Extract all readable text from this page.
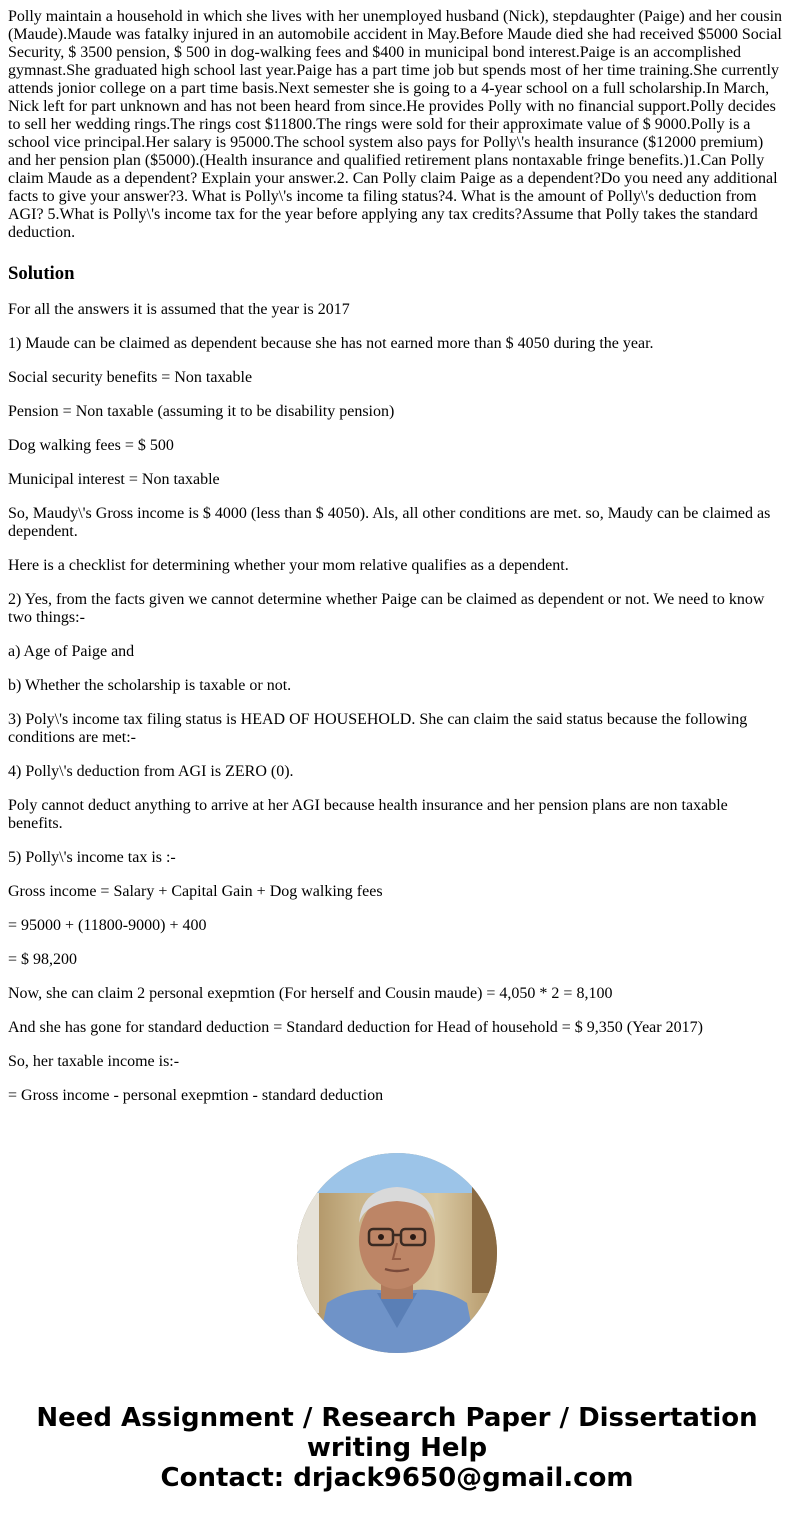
Polly maintain a household in which she lives with her unemployed husband (Nick), stepdaughter (Paige) and her cousin (Maude).Maude was fatalky injured in an automobile accident in May.Before Maude died she had received $5000 Social Security, $ 3500 pension, $ 500 in dog-walking fees and $400 in municipal bond interest.Paige is an accomplished gymnast.She graduated high school last year.Paige has a part time job but spends most of her time training.She currently attends jonior college on a part time basis.Next semester she is going to a 4-year school on a full scholarship.In March, Nick left for part unknown and has not been heard from since.He provides Polly with no financial support.Polly decides to sell her wedding rings.The rings cost $11800.The rings were sold for their approximate value of $ 9000.Polly is a school vice principal.Her salary is 95000.The school system also pays for Polly\'s health insurance ($12000 premium) and her pension plan ($5000).(Health insurance and qualified retirement plans nontaxable fringe benefits.)1.Can Polly claim Maude as a dependent? Explain your answer.2. Can Polly claim Paige as a dependent?Do you need any additional facts to give your answer?3. What is Polly\'s income ta filing status?4. What is the amount of Polly\'s deduction from AGI? 5.What is Polly\'s income tax for the year before applying any tax credits?Assume that Polly takes the standard deduction.
Solution

For all the answers it is assumed that the year is 2017

1) Maude can be claimed as dependent because she has not earned more than $ 4050 during the year.

Social security benefits = Non taxable

Pension = Non taxable (assuming it to be disability pension)

Dog walking fees = $ 500

Municipal interest = Non taxable

So, Maudy\'s Gross income is $ 4000 (less than $ 4050). Als, all other conditions are met. so, Maudy can be claimed as dependent.

Here is a checklist for determining whether your mom relative qualifies as a dependent.

2) Yes, from the facts given we cannot determine whether Paige can be claimed as dependent or not. We need to know two things:-

a) Age of Paige and

b) Whether the scholarship is taxable or not.

3) Poly\'s income tax filing status is HEAD OF HOUSEHOLD. She can claim the said status because the following conditions are met:-

4) Polly\'s deduction from AGI is ZERO (0).

Poly cannot deduct anything to arrive at her AGI because health insurance and her pension plans are non taxable benefits.

5) Polly\'s income tax is :-

Gross income = Salary + Capital Gain + Dog walking fees

= 95000 + (11800-9000) + 400

= $ 98,200

Now, she can claim 2 personal exepmtion (For herself and Cousin maude) = 4,050 * 2 = 8,100

And she has gone for standard deduction = Standard deduction for Head of household = $ 9,350 (Year 2017)

So, her taxable income is:-

= Gross income - personal exepmtion - standard deduction

Need Assignment / Research Paper / Dissertation
writing Help
Contact: drjack9650@gmail.com
